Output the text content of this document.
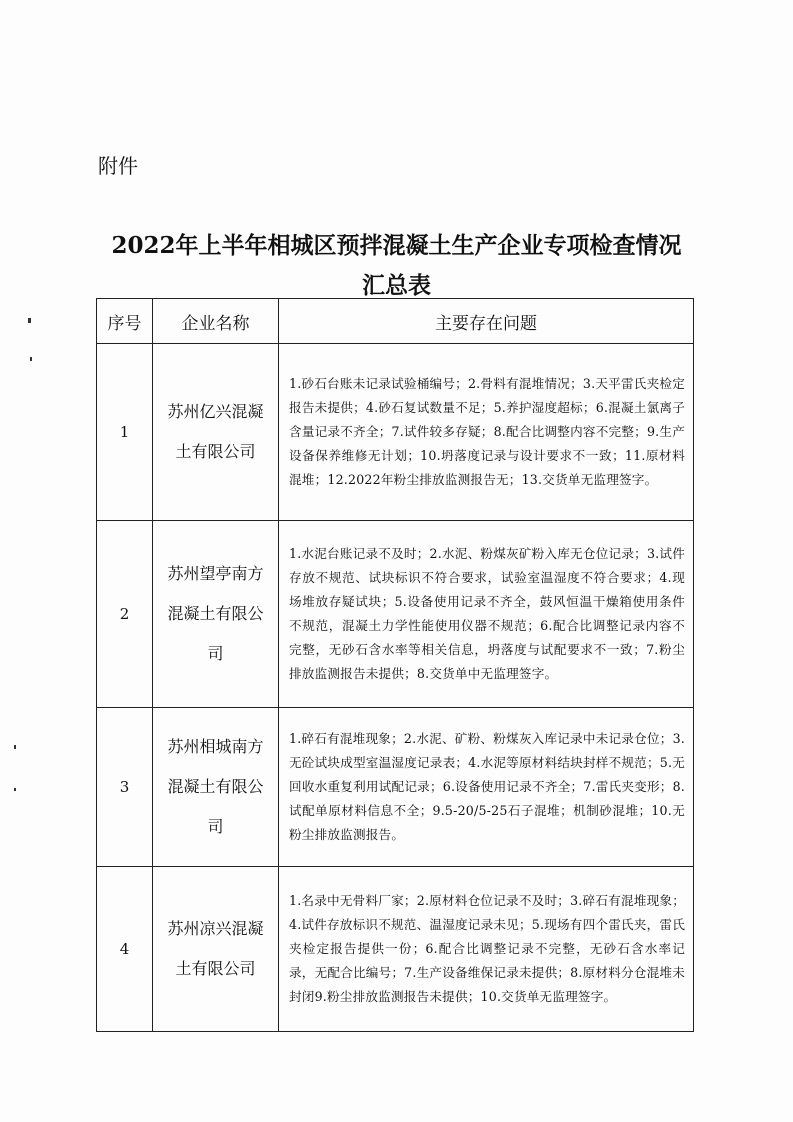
附件
2022年上半年相城区预拌混凝土生产企业专项检查情况
汇总表
序号	企业名称	主要存在问题
1	苏州亿兴混凝土有限公司	1.砂石台账未记录试验桶编号；2.骨料有混堆情况；3.天平雷氏夹检定报告未提供；4.砂石复试数量不足；5.养护湿度超标；6.混凝土氯离子含量记录不齐全；7.试件较多存疑；8.配合比调整内容不完整；9.生产设备保养维修无计划；10.坍落度记录与设计要求不一致；11.原材料混堆；12.2022年粉尘排放监测报告无；13.交货单无监理签字。
2	苏州望亭南方混凝土有限公司	1.水泥台账记录不及时；2.水泥、粉煤灰矿粉入库无仓位记录；3.试件存放不规范、试块标识不符合要求，试验室温湿度不符合要求；4.现场堆放存疑试块；5.设备使用记录不齐全，鼓风恒温干燥箱使用条件不规范，混凝土力学性能使用仪器不规范；6.配合比调整记录内容不完整，无砂石含水率等相关信息，坍落度与试配要求不一致；7.粉尘排放监测报告未提供；8.交货单中无监理签字。
3	苏州相城南方混凝土有限公司	1.碎石有混堆现象；2.水泥、矿粉、粉煤灰入库记录中未记录仓位；3.无砼试块成型室温湿度记录表；4.水泥等原材料结块封样不规范；5.无回收水重复利用试配记录；6.设备使用记录不齐全；7.雷氏夹变形；8.试配单原材料信息不全；9.5-20/5-25石子混堆；机制砂混堆；10.无粉尘排放监测报告。
4	苏州凉兴混凝土有限公司	1.名录中无骨料厂家；2.原材料仓位记录不及时；3.碎石有混堆现象；4.试件存放标识不规范、温湿度记录未见；5.现场有四个雷氏夹，雷氏夹检定报告提供一份；6.配合比调整记录不完整，无砂石含水率记录，无配合比编号；7.生产设备维保记录未提供；8.原材料分仓混堆未封闭9.粉尘排放监测报告未提供；10.交货单无监理签字。
